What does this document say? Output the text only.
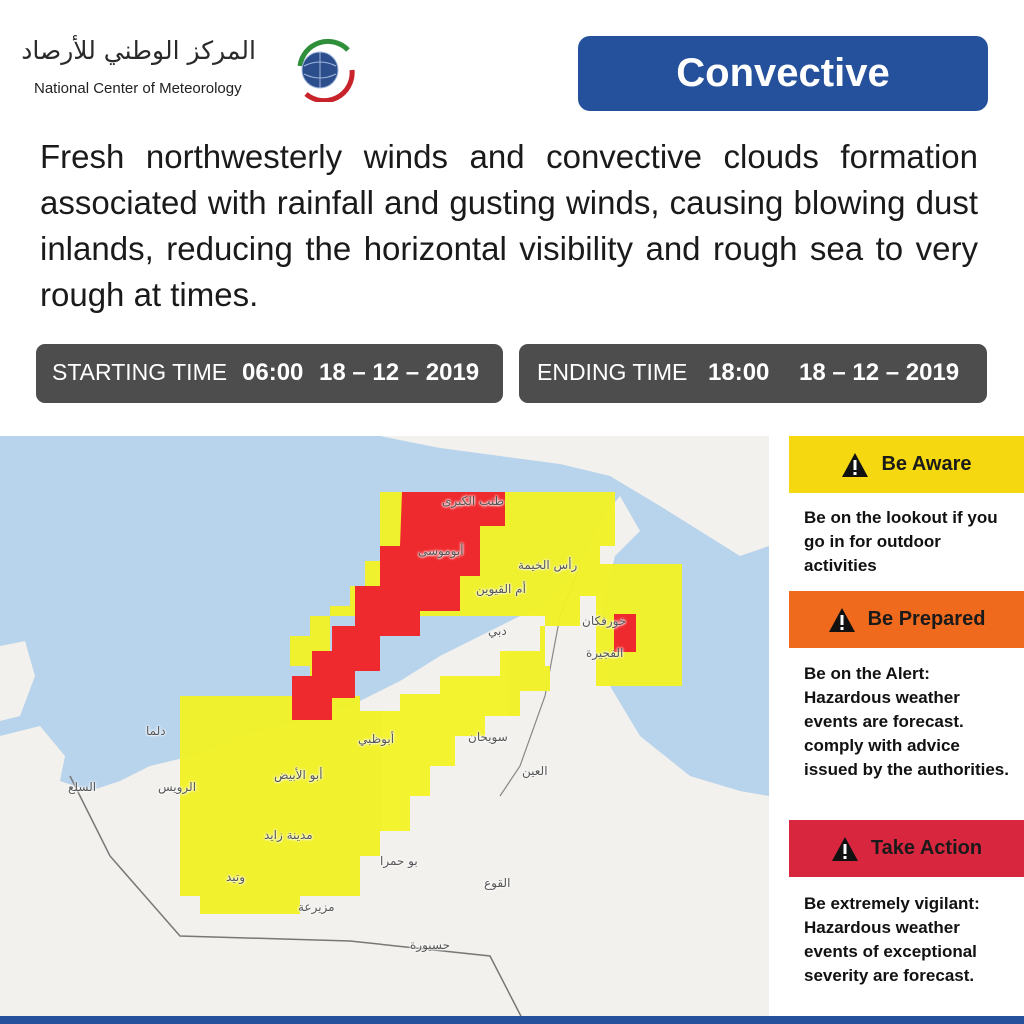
المركز الوطني للأرصاد
National Center of Meteorology	Convective
Fresh northwesterly winds and convective clouds formation associated with rainfall and gusting winds, causing blowing dust inlands, reducing the horizontal visibility and rough sea to very rough at times.
STARTING TIME 06:00 18 – 12 – 2019	ENDING TIME 18:00 18 – 12 – 2019
طنب الكبرى
أبوموسى
رأس الخيمة
أم القيوين
دبي
خورفكان
الفجيرة
أبوظبي	سويحان
العين
أبو الأبيض
دلما
الرويس
السلع
مدينة زايد
بو حمرا
وتيد	القوع
مزيرعة
حسيورة
Be Aware
Be on the lookout if you go in for outdoor activities
Be Prepared
Be on the Alert: Hazardous weather events are forecast. comply with advice issued by the authorities.
Take Action
Be extremely vigilant: Hazardous weather events of exceptional severity are forecast.
